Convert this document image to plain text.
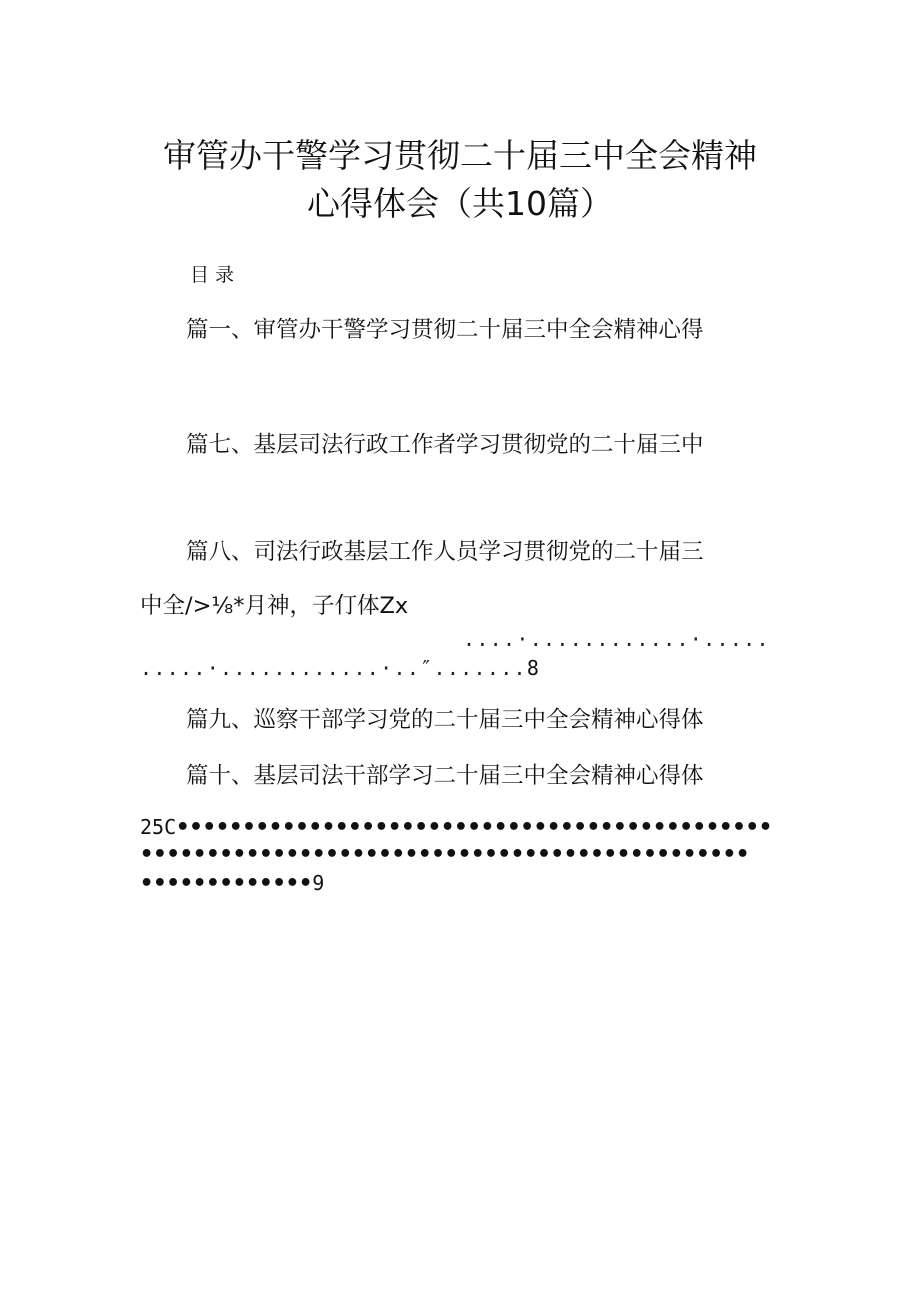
审管办干警学习贯彻二十届三中全会精神
心得体会（共10篇）
目录
篇一、审管办干警学习贯彻二十届三中全会精神心得
篇七、基层司法行政工作者学习贯彻党的二十届三中
篇八、司法行政基层工作人员学习贯彻党的二十届三
中全/>⅛*月神，子仃体Zx
....·............·.....
.....·............·..″.......8
篇九、巡察干部学习党的二十届三中全会精神心得体
篇十、基层司法干部学习二十届三中全会精神心得体
25C•••••••••••••••••••••••••••••••••••••••••••••
••••••••••••••••••••••••••••••••••••••••••••••
•••••••••••••9
